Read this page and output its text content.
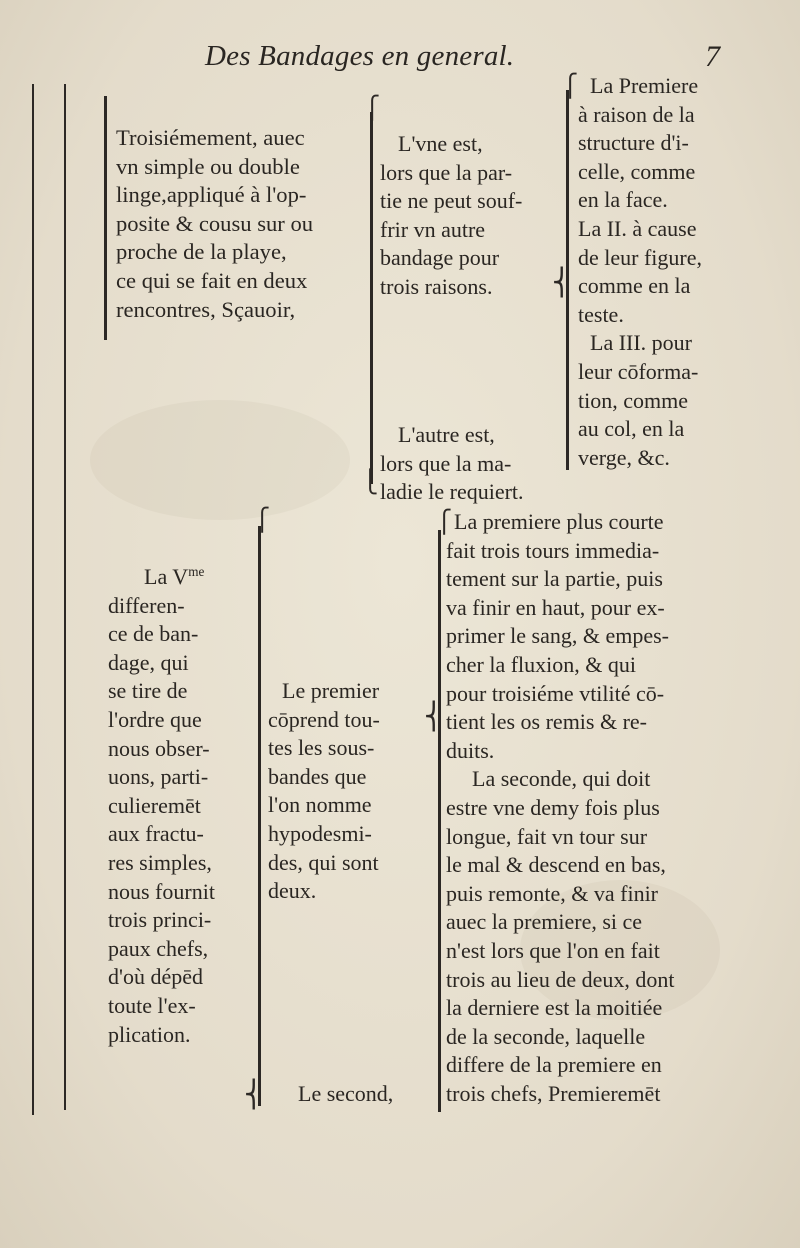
Des Bandages en general.	7
Troisiémement, auec
vn simple ou double
linge,appliqué à l'op-
posite & cousu sur ou
proche de la playe,
ce qui se fait en deux
rencontres, Sçauoir,
⎧
⎩
L'vne est,
lors que la par-
tie ne peut souf-
frir vn autre
bandage pour
trois raisons.
⎧
⎨
La Premiere
à raison de la
structure d'i-
celle, comme
en la face.
La II. à cause
de leur figure,
comme en la
teste.
La III. pour
leur cōforma-
tion, comme
au col, en la
verge, &c.
L'autre est,
lors que la ma-
ladie le requiert.
⎧
⎨
La $V^{me}$
differen-
ce de ban-
dage, qui
se tire de
l'ordre que
nous obser-
uons, parti-
culieremēt
aux fractu-
res simples,
nous fournit
trois princi-
paux chefs,
d'où dépēd
toute l'ex-
plication.
Le premier
cōprend tou-
tes les sous-
bandes que
l'on nomme
hypodesmi-
des, qui sont
deux.
⎧
⎨
La premiere plus courte
fait trois tours immedia-
tement sur la partie, puis
va finir en haut, pour ex-
primer le sang, & empes-
cher la fluxion, & qui
pour troisiéme vtilité cō-
tient les os remis & re-
duits.
La seconde, qui doit
estre vne demy fois plus
longue, fait vn tour sur
le mal & descend en bas,
puis remonte, & va finir
auec la premiere, si ce
n'est lors que l'on en fait
trois au lieu de deux, dont
la derniere est la moitiée
de la seconde, laquelle
differe de la premiere en
trois chefs, Premieremēt
Le second,
